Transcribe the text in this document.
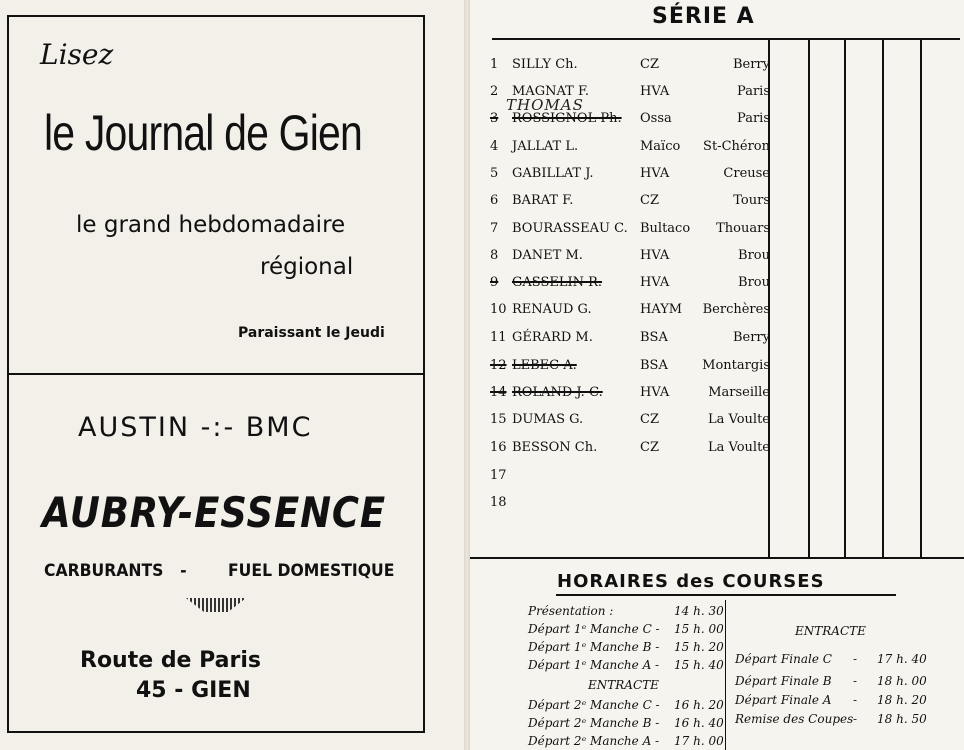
Lisez
le Journal de Gien
le grand hebdomadaire
régional
Paraissant le Jeudi
AUSTIN -:- BMC
AUBRY-ESSENCE
CARBURANTS - FUEL DOMESTIQUE
Route de Paris
45 - GIEN
SÉRIE A
1 SILLY Ch.	CZ	Berry
2 MAGNAT F.	HVA	Paris
3 ROSSIGNOL Ph. Ossa	Paris
4 JALLAT L.	Maïco	St-Chéron
5 GABILLAT J.	HVA	Creuse
6 BARAT F.	CZ	Tours
7 BOURASSEAU C. Bultaco	Thouars
8 DANET M.	HVA	Brou
9 GASSELIN R.	HVA	Brou
10 RENAUD G.	HAYM	Berchères
11 GÉRARD M.	BSA	Berry
12 LEBEC A.	BSA	Montargis
14 ROLAND J.-C.	HVA	Marseille
15 DUMAS G.	CZ	La Voulte
16 BESSON Ch.	CZ	La Voulte
17
18
THOMAS
HORAIRES des COURSES
Présentation :	14 h. 30
Départ 1ᵉ Manche C - 15 h. 00
Départ 1ᵉ Manche B - 15 h. 20
Départ 1ᵉ Manche A - 15 h. 40
ENTRACTE
Départ 2ᵉ Manche C - 16 h. 20
Départ 2ᵉ Manche B - 16 h. 40
Départ 2ᵉ Manche A - 17 h. 00
ENTRACTE
Départ Finale C - 17 h. 40
Départ Finale B - 18 h. 00
Départ Finale A - 18 h. 20
Remise des Coupes - 18 h. 50
